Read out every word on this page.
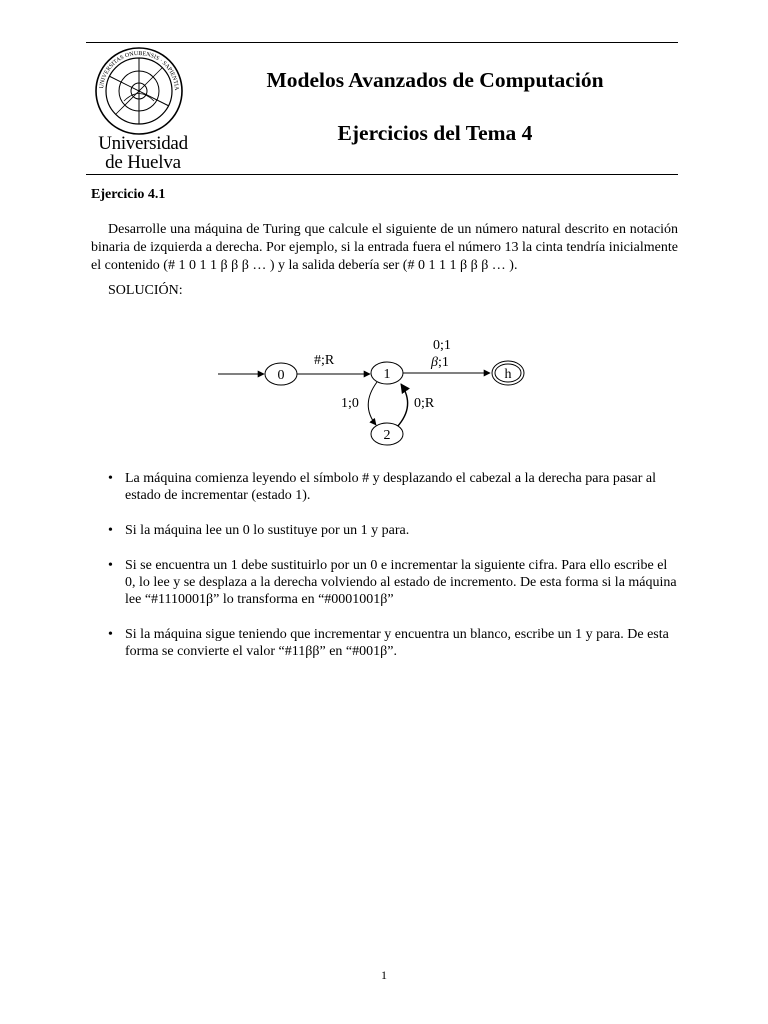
UNIVERSITAS ONUBENSIS · SAPIENTIA
Universidad
de Huelva
Modelos Avanzados de Computación
Ejercicios del Tema 4
Ejercicio 4.1
Desarrolle una máquina de Turing que calcule el siguiente de un número natural descrito en notación binaria de izquierda a derecha. Por ejemplo, si la entrada fuera el número 13 la cinta tendría inicialmente el contenido (# 1 0 1 1 β β β … ) y la salida debería ser (# 0 1 1 1 β β β … ).
SOLUCIÓN:
0
#;R
1
0;1
β;1
h
1;0	0;R
2
• La máquina comienza leyendo el símbolo # y desplazando el cabezal a la derecha para pasar al estado de incrementar (estado 1).
• Si la máquina lee un 0 lo sustituye por un 1 y para.
• Si se encuentra un 1 debe sustituirlo por un 0 e incrementar la siguiente cifra. Para ello escribe el 0, lo lee y se desplaza a la derecha volviendo al estado de incremento. De esta forma si la máquina lee “#1110001β” lo transforma en “#0001001β”
• Si la máquina sigue teniendo que incrementar y encuentra un blanco, escribe un 1 y para. De esta forma se convierte el valor “#11ββ” en “#001β”.
1
